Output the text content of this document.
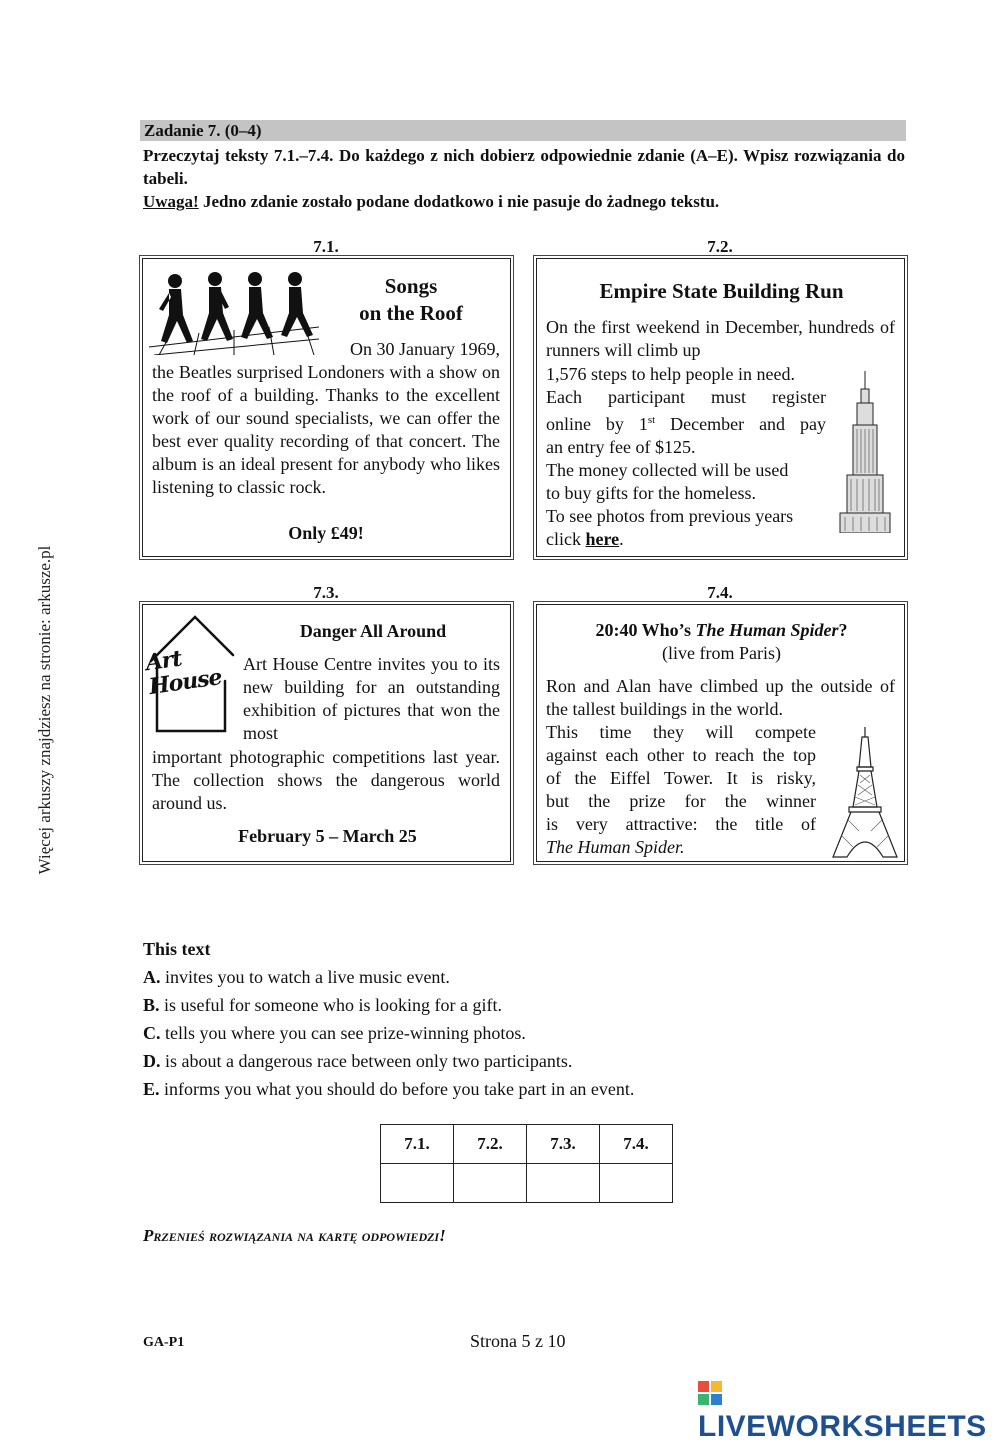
Więcej arkuszy znajdziesz na stronie: arkusze.pl
Zadanie 7. (0–4)
Przeczytaj teksty 7.1.–7.4. Do każdego z nich dobierz odpowiednie zdanie (A–E). Wpisz rozwiązania do tabeli.
Uwaga! Jedno zdanie zostało podane dodatkowo i nie pasuje do żadnego tekstu.
7.1.
Songs
on the Roof
On 30 January 1969,
the Beatles surprised Londoners with a show on the roof of a building. Thanks to the excellent work of our sound specialists, we can offer the best ever quality recording of that concert. The album is an ideal present for anybody who likes listening to classic rock.
Only £49!
7.2.
Empire State Building Run
On the first weekend in December, hundreds of runners will climb up
1,576 steps to help people in need.
Each participant must register
online by 1st December and pay
an entry fee of $125.
The money collected will be used
to buy gifts for the homeless.
To see photos from previous years
click here.
7.3.
Art House
Danger All Around
Art House Centre invites you to its new building for an outstanding exhibition of pictures that won the most
important photographic competitions last year. The collection shows the dangerous world around us.
February 5 – March 25
7.4.
20:40 Who’s The Human Spider?
(live from Paris)
Ron and Alan have climbed up the outside of the tallest buildings in the world.
This time they will compete
against each other to reach the top
of the Eiffel Tower. It is risky,
but the prize for the winner
is very attractive: the title of
The Human Spider.
This text
A. invites you to watch a live music event.
B. is useful for someone who is looking for a gift.
C. tells you where you can see prize-winning photos.
D. is about a dangerous race between only two participants.
E. informs you what you should do before you take part in an event.
7.1.	7.2.	7.3.	7.4.

Przenieś rozwiązania na kartę odpowiedzi!
GA-P1	Strona 5 z 10
LIVEWORKSHEETS
